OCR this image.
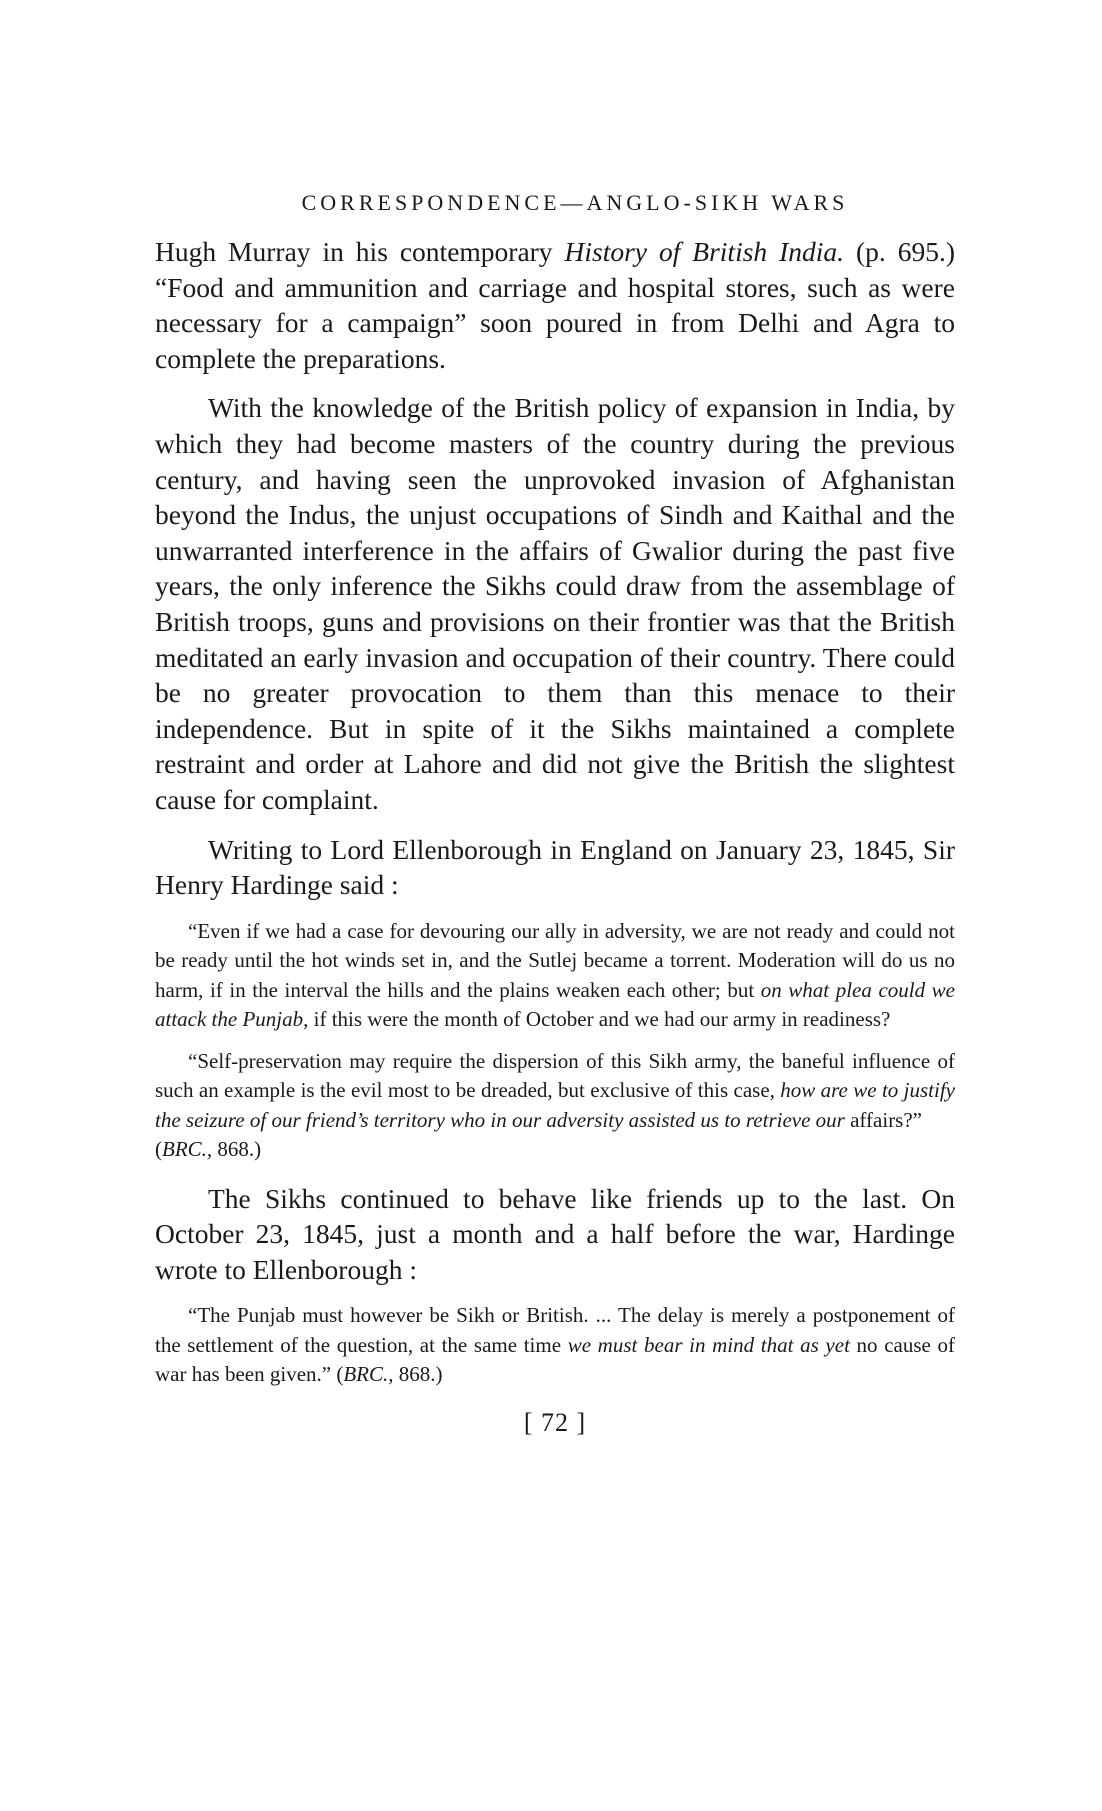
CORRESPONDENCE—ANGLO-SIKH WARS

Hugh Murray in his contemporary History of British India. (p. 695.) “Food and ammunition and carriage and hospital stores, such as were necessary for a campaign” soon poured in from Delhi and Agra to complete the preparations.

With the knowledge of the British policy of expansion in India, by which they had become masters of the country during the previous century, and having seen the unprovoked invasion of Afghanistan beyond the Indus, the unjust occupations of Sindh and Kaithal and the unwarranted interference in the affairs of Gwalior during the past five years, the only inference the Sikhs could draw from the assemblage of British troops, guns and provisions on their frontier was that the British meditated an early invasion and occupation of their country. There could be no greater provocation to them than this menace to their independence. But in spite of it the Sikhs maintained a complete restraint and order at Lahore and did not give the British the slightest cause for complaint.

Writing to Lord Ellenborough in England on January 23, 1845, Sir Henry Hardinge said :

“Even if we had a case for devouring our ally in adversity, we are not ready and could not be ready until the hot winds set in, and the Sutlej became a torrent. Moderation will do us no harm, if in the interval the hills and the plains weaken each other; but on what plea could we attack the Punjab, if this were the month of October and we had our army in readiness?

“Self-preservation may require the dispersion of this Sikh army, the baneful influence of such an example is the evil most to be dreaded, but exclusive of this case, how are we to justify the seizure of our friend’s territory who in our adversity assisted us to retrieve our affairs?”
(BRC., 868.)

The Sikhs continued to behave like friends up to the last. On October 23, 1845, just a month and a half before the war, Hardinge wrote to Ellenborough :

“The Punjab must however be Sikh or British. ... The delay is merely a postponement of the settlement of the question, at the same time we must bear in mind that as yet no cause of war has been given.” (BRC., 868.)

[ 72 ]
